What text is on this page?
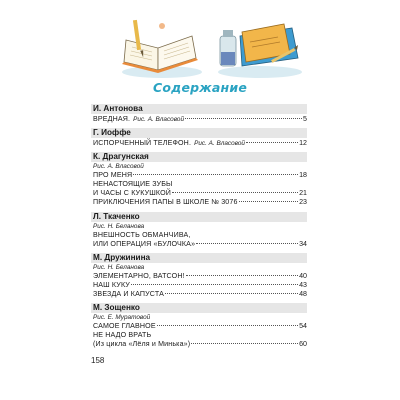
Содержание
И. Антонова
ВРЕДНАЯ. Рис. А. Власовой	5
Г. Иоффе
ИСПОРЧЕННЫЙ ТЕЛЕФОН. Рис. А. Власовой	12
К. Драгунская
Рис. А. Власовой
ПРО МЕНЯ	18
НЕНАСТОЯЩИЕ ЗУБЫ
И ЧАСЫ С КУКУШКОЙ	21
ПРИКЛЮЧЕНИЯ ПАПЫ В ШКОЛЕ № 3076	23
Л. Ткаченко
Рис. Н. Беланова
ВНЕШНОСТЬ ОБМАНЧИВА,
ИЛИ ОПЕРАЦИЯ «БУЛОЧКА»	34
М. Дружинина
Рис. Н. Беланова
ЭЛЕМЕНТАРНО, ВАТСОН!	40
НАШ КУКУ	43
ЗВЕЗДА И КАПУСТА	48
М. Зощенко
Рис. Е. Муратовой
САМОЕ ГЛАВНОЕ	54
НЕ НАДО ВРАТЬ
(Из цикла «Лёля и Минька»)	60
158
